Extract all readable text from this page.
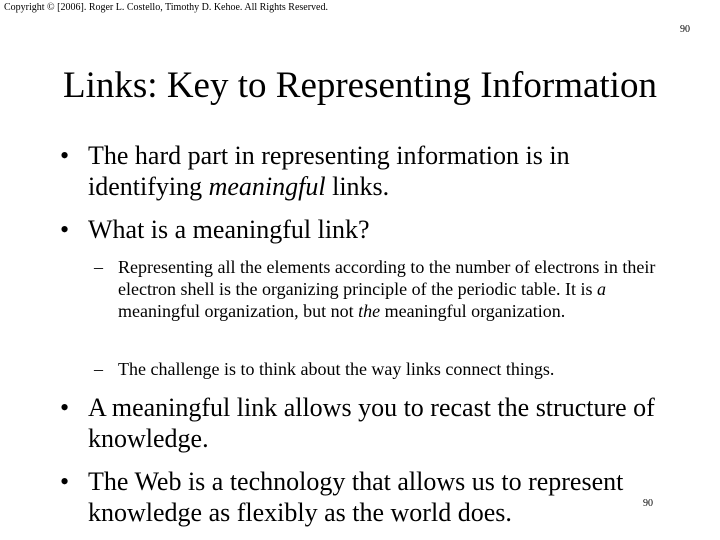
Copyright © [2006]. Roger L. Costello, Timothy D. Kehoe. All Rights Reserved.
90
Links: Key to Representing Information
• The hard part in representing information is in identifying meaningful links.
• What is a meaningful link?
– Representing all the elements according to the number of electrons in their electron shell is the organizing principle of the periodic table. It is a meaningful organization, but not the meaningful organization.
– The challenge is to think about the way links connect things.
• A meaningful link allows you to recast the structure of knowledge.
• The Web is a technology that allows us to represent knowledge as flexibly as the world does.	90
